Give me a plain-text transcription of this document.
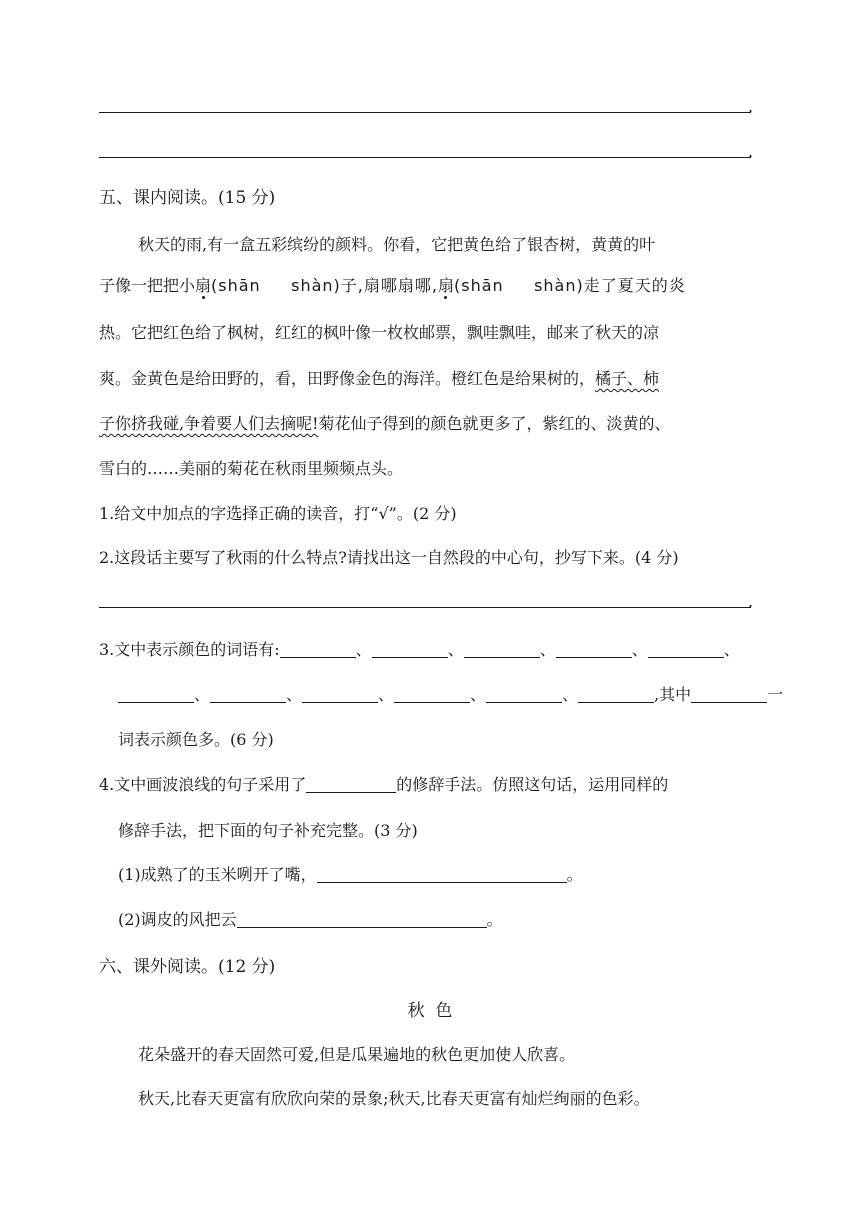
.
.
五、课内阅读。(15 分)
秋天的雨,有一盒五彩缤纷的颜料。你看，它把黄色给了银杏树，黄黄的叶
子像一把把小扇(shān     shàn)子,扇哪扇哪,扇(shān     shàn)走了夏天的炎
热。它把红色给了枫树，红红的枫叶像一枚枚邮票，飘哇飘哇，邮来了秋天的凉
爽。金黄色是给田野的，看，田野像金色的海洋。橙红色是给果树的，橘子、柿
子你挤我碰,争着要人们去摘呢!菊花仙子得到的颜色就更多了，紫红的、淡黄的、
雪白的……美丽的菊花在秋雨里频频点头。
1.给文中加点的字选择正确的读音，打“√”。(2 分)
2.这段话主要写了秋雨的什么特点?请找出这一自然段的中心句，抄写下来。(4 分)
.
3.文中表示颜色的词语有:	、	、	、	、	、
、	、	、	、	、	,其中	一
词表示颜色多。(6 分)
4.文中画波浪线的句子采用了	的修辞手法。仿照这句话，运用同样的
修辞手法，把下面的句子补充完整。(3 分)
(1)成熟了的玉米咧开了嘴，	。
(2)调皮的风把云	。
六、课外阅读。(12 分)
秋  色
花朵盛开的春天固然可爱,但是瓜果遍地的秋色更加使人欣喜。
秋天,比春天更富有欣欣向荣的景象;秋天,比春天更富有灿烂绚丽的色彩。
